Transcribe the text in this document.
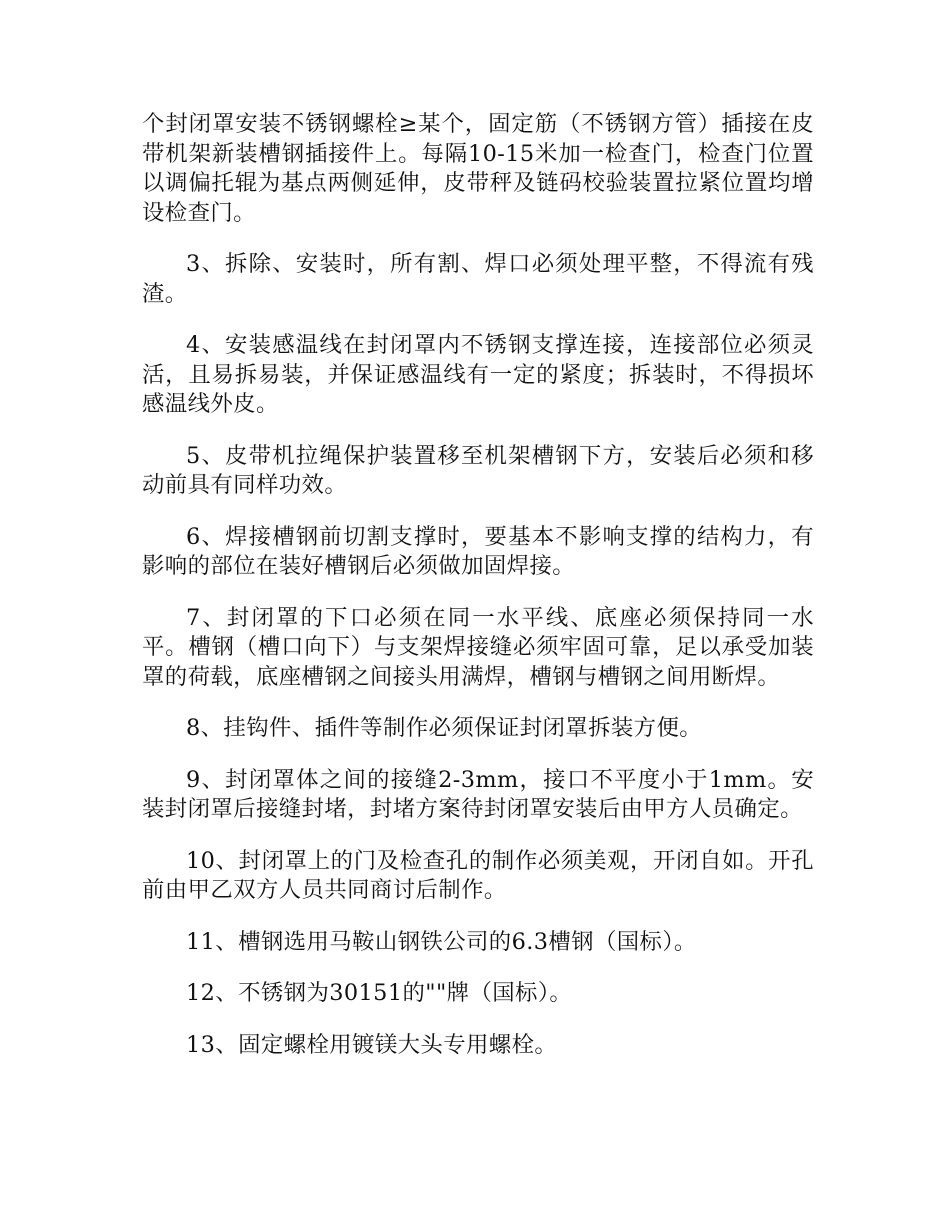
个封闭罩安装不锈钢螺栓≥某个，固定筋（不锈钢方管）插接在皮带机架新装槽钢插接件上。每隔10-15米加一检查门，检查门位置以调偏托辊为基点两侧延伸，皮带秤及链码校验装置拉紧位置均增设检查门。

3、拆除、安装时，所有割、焊口必须处理平整，不得流有残渣。

4、安装感温线在封闭罩内不锈钢支撑连接，连接部位必须灵活，且易拆易装，并保证感温线有一定的紧度；拆装时，不得损坏感温线外皮。

5、皮带机拉绳保护装置移至机架槽钢下方，安装后必须和移动前具有同样功效。

6、焊接槽钢前切割支撑时，要基本不影响支撑的结构力，有影响的部位在装好槽钢后必须做加固焊接。

7、封闭罩的下口必须在同一水平线、底座必须保持同一水平。槽钢（槽口向下）与支架焊接缝必须牢固可靠，足以承受加装罩的荷载，底座槽钢之间接头用满焊，槽钢与槽钢之间用断焊。

8、挂钩件、插件等制作必须保证封闭罩拆装方便。

9、封闭罩体之间的接缝2-3mm，接口不平度小于1mm。安装封闭罩后接缝封堵，封堵方案待封闭罩安装后由甲方人员确定。

10、封闭罩上的门及检查孔的制作必须美观，开闭自如。开孔前由甲乙双方人员共同商讨后制作。

11、槽钢选用马鞍山钢铁公司的6.3槽钢（国标）。

12、不锈钢为30151的""牌（国标）。

13、固定螺栓用镀镁大头专用螺栓。
